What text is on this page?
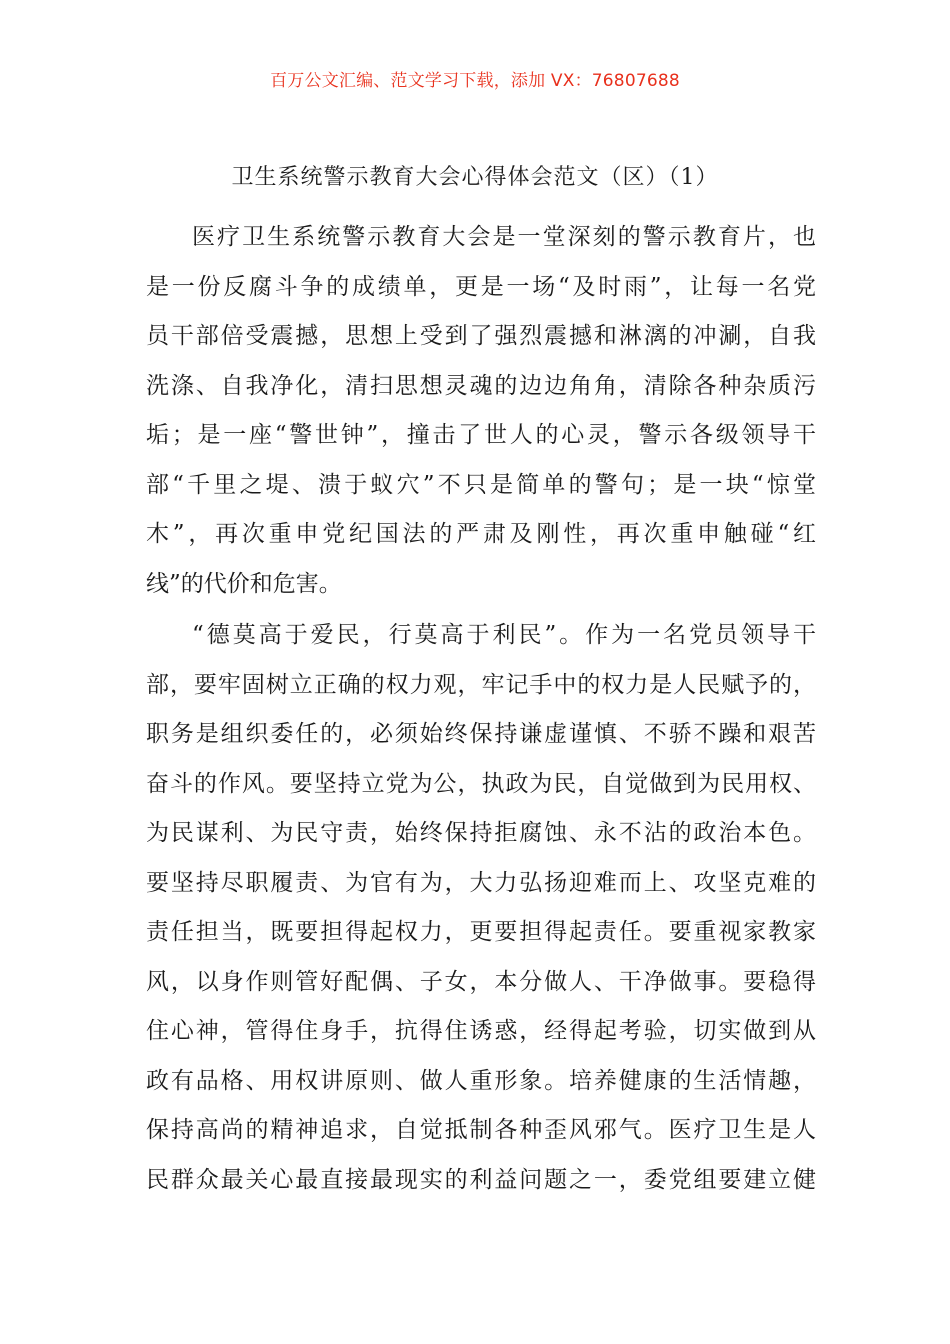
百万公文汇编、范文学习下载，添加 VX：76807688
卫生系统警示教育大会心得体会范文（区）（1）
医疗卫生系统警示教育大会是一堂深刻的警示教育片，也
是一份反腐斗争的成绩单，更是一场“及时雨”，让每一名党
员干部倍受震撼，思想上受到了强烈震撼和淋漓的冲涮，自我
洗涤、自我净化，清扫思想灵魂的边边角角，清除各种杂质污
垢；是一座“警世钟”，撞击了世人的心灵，警示各级领导干
部“千里之堤、溃于蚁穴”不只是简单的警句；是一块“惊堂
木”，再次重申党纪国法的严肃及刚性，再次重申触碰“红
线”的代价和危害。
“德莫高于爱民，行莫高于利民”。作为一名党员领导干
部，要牢固树立正确的权力观，牢记手中的权力是人民赋予的，
职务是组织委任的，必须始终保持谦虚谨慎、不骄不躁和艰苦
奋斗的作风。要坚持立党为公，执政为民，自觉做到为民用权、
为民谋利、为民守责，始终保持拒腐蚀、永不沾的政治本色。
要坚持尽职履责、为官有为，大力弘扬迎难而上、攻坚克难的
责任担当，既要担得起权力，更要担得起责任。要重视家教家
风，以身作则管好配偶、子女，本分做人、干净做事。要稳得
住心神，管得住身手，抗得住诱惑，经得起考验，切实做到从
政有品格、用权讲原则、做人重形象。培养健康的生活情趣，
保持高尚的精神追求，自觉抵制各种歪风邪气。医疗卫生是人
民群众最关心最直接最现实的利益问题之一，委党组要建立健
